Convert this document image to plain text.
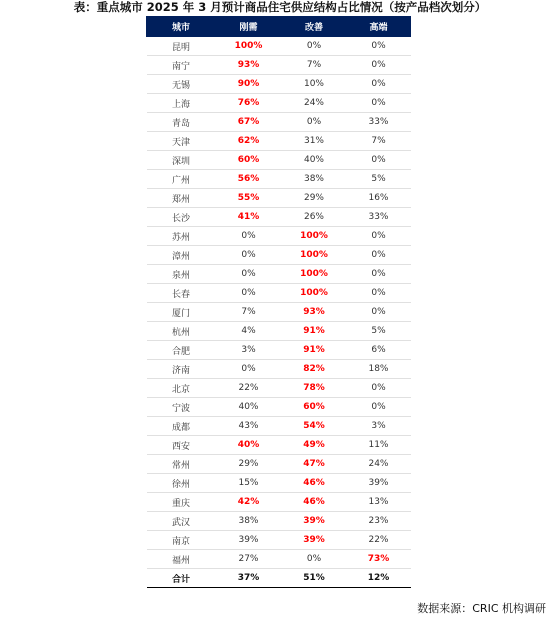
表：重点城市 2025 年 3 月预计商品住宅供应结构占比情况（按产品档次划分）
城市	刚需	改善	高端
昆明	100%	0%	0%
南宁	93%	7%	0%
无锡	90%	10%	0%
上海	76%	24%	0%
青岛	67%	0%	33%
天津	62%	31%	7%
深圳	60%	40%	0%
广州	56%	38%	5%
郑州	55%	29%	16%
长沙	41%	26%	33%
苏州	0%	100%	0%
漳州	0%	100%	0%
泉州	0%	100%	0%
长春	0%	100%	0%
厦门	7%	93%	0%
杭州	4%	91%	5%
合肥	3%	91%	6%
济南	0%	82%	18%
北京	22%	78%	0%
宁波	40%	60%	0%
成都	43%	54%	3%
西安	40%	49%	11%
常州	29%	47%	24%
徐州	15%	46%	39%
重庆	42%	46%	13%
武汉	38%	39%	23%
南京	39%	39%	22%
福州	27%	0%	73%
合计	37%	51%	12%
数据来源：CRIC 机构调研
